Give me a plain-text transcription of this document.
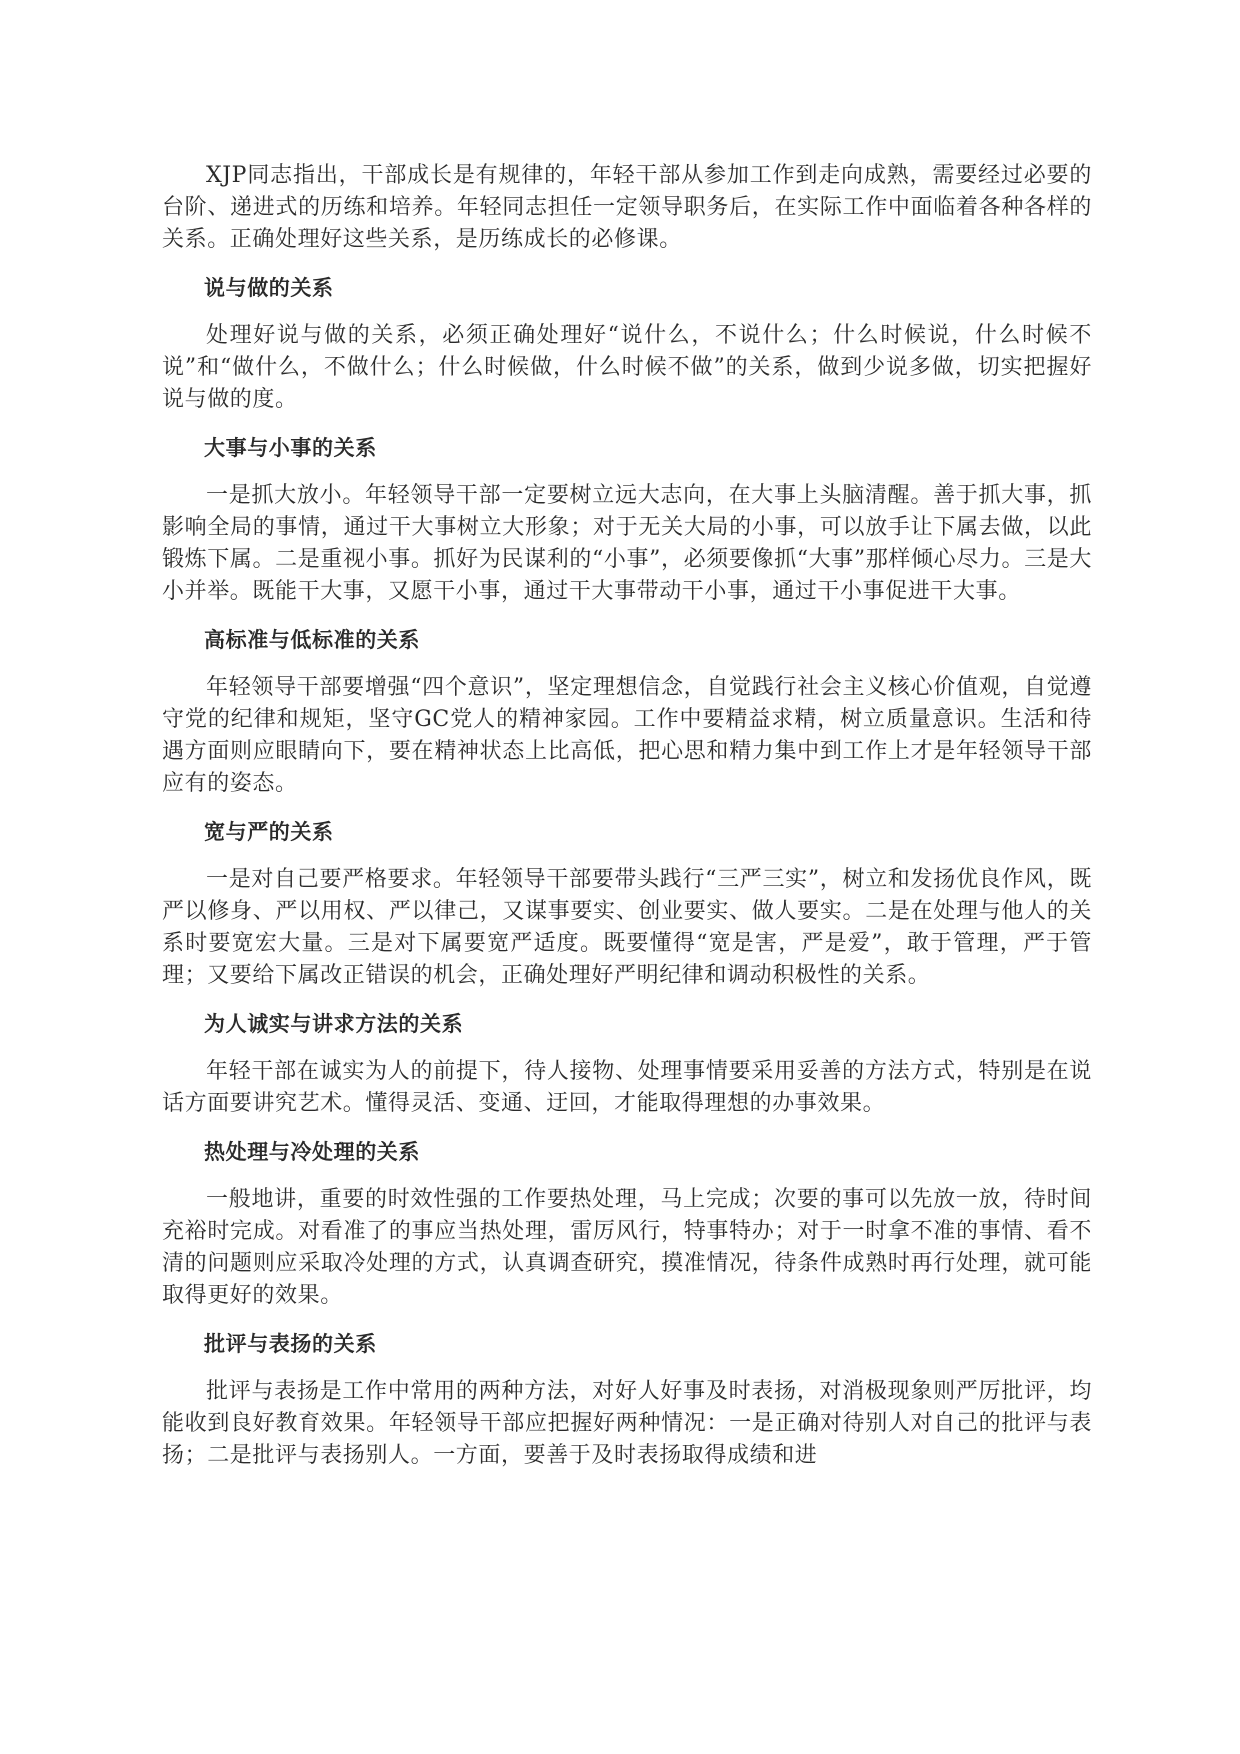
XJP同志指出，干部成长是有规律的，年轻干部从参加工作到走向成熟，需要经过必要的台阶、递进式的历练和培养。年轻同志担任一定领导职务后，在实际工作中面临着各种各样的关系。正确处理好这些关系，是历练成长的必修课。

说与做的关系

处理好说与做的关系，必须正确处理好“说什么，不说什么；什么时候说，什么时候不说”和“做什么，不做什么；什么时候做，什么时候不做”的关系，做到少说多做，切实把握好说与做的度。

大事与小事的关系

一是抓大放小。年轻领导干部一定要树立远大志向，在大事上头脑清醒。善于抓大事，抓影响全局的事情，通过干大事树立大形象；对于无关大局的小事，可以放手让下属去做，以此锻炼下属。二是重视小事。抓好为民谋利的“小事”，必须要像抓“大事”那样倾心尽力。三是大小并举。既能干大事，又愿干小事，通过干大事带动干小事，通过干小事促进干大事。

高标准与低标准的关系

年轻领导干部要增强“四个意识”，坚定理想信念，自觉践行社会主义核心价值观，自觉遵守党的纪律和规矩，坚守GC党人的精神家园。工作中要精益求精，树立质量意识。生活和待遇方面则应眼睛向下，要在精神状态上比高低，把心思和精力集中到工作上才是年轻领导干部应有的姿态。

宽与严的关系

一是对自己要严格要求。年轻领导干部要带头践行“三严三实”，树立和发扬优良作风，既严以修身、严以用权、严以律己，又谋事要实、创业要实、做人要实。二是在处理与他人的关系时要宽宏大量。三是对下属要宽严适度。既要懂得“宽是害，严是爱”，敢于管理，严于管理；又要给下属改正错误的机会，正确处理好严明纪律和调动积极性的关系。

为人诚实与讲求方法的关系

年轻干部在诚实为人的前提下，待人接物、处理事情要采用妥善的方法方式，特别是在说话方面要讲究艺术。懂得灵活、变通、迂回，才能取得理想的办事效果。

热处理与冷处理的关系

一般地讲，重要的时效性强的工作要热处理，马上完成；次要的事可以先放一放，待时间充裕时完成。对看准了的事应当热处理，雷厉风行，特事特办；对于一时拿不准的事情、看不清的问题则应采取冷处理的方式，认真调查研究，摸准情况，待条件成熟时再行处理，就可能取得更好的效果。

批评与表扬的关系

批评与表扬是工作中常用的两种方法，对好人好事及时表扬，对消极现象则严厉批评，均能收到良好教育效果。年轻领导干部应把握好两种情况：一是正确对待别人对自己的批评与表扬；二是批评与表扬别人。一方面，要善于及时表扬取得成绩和进
